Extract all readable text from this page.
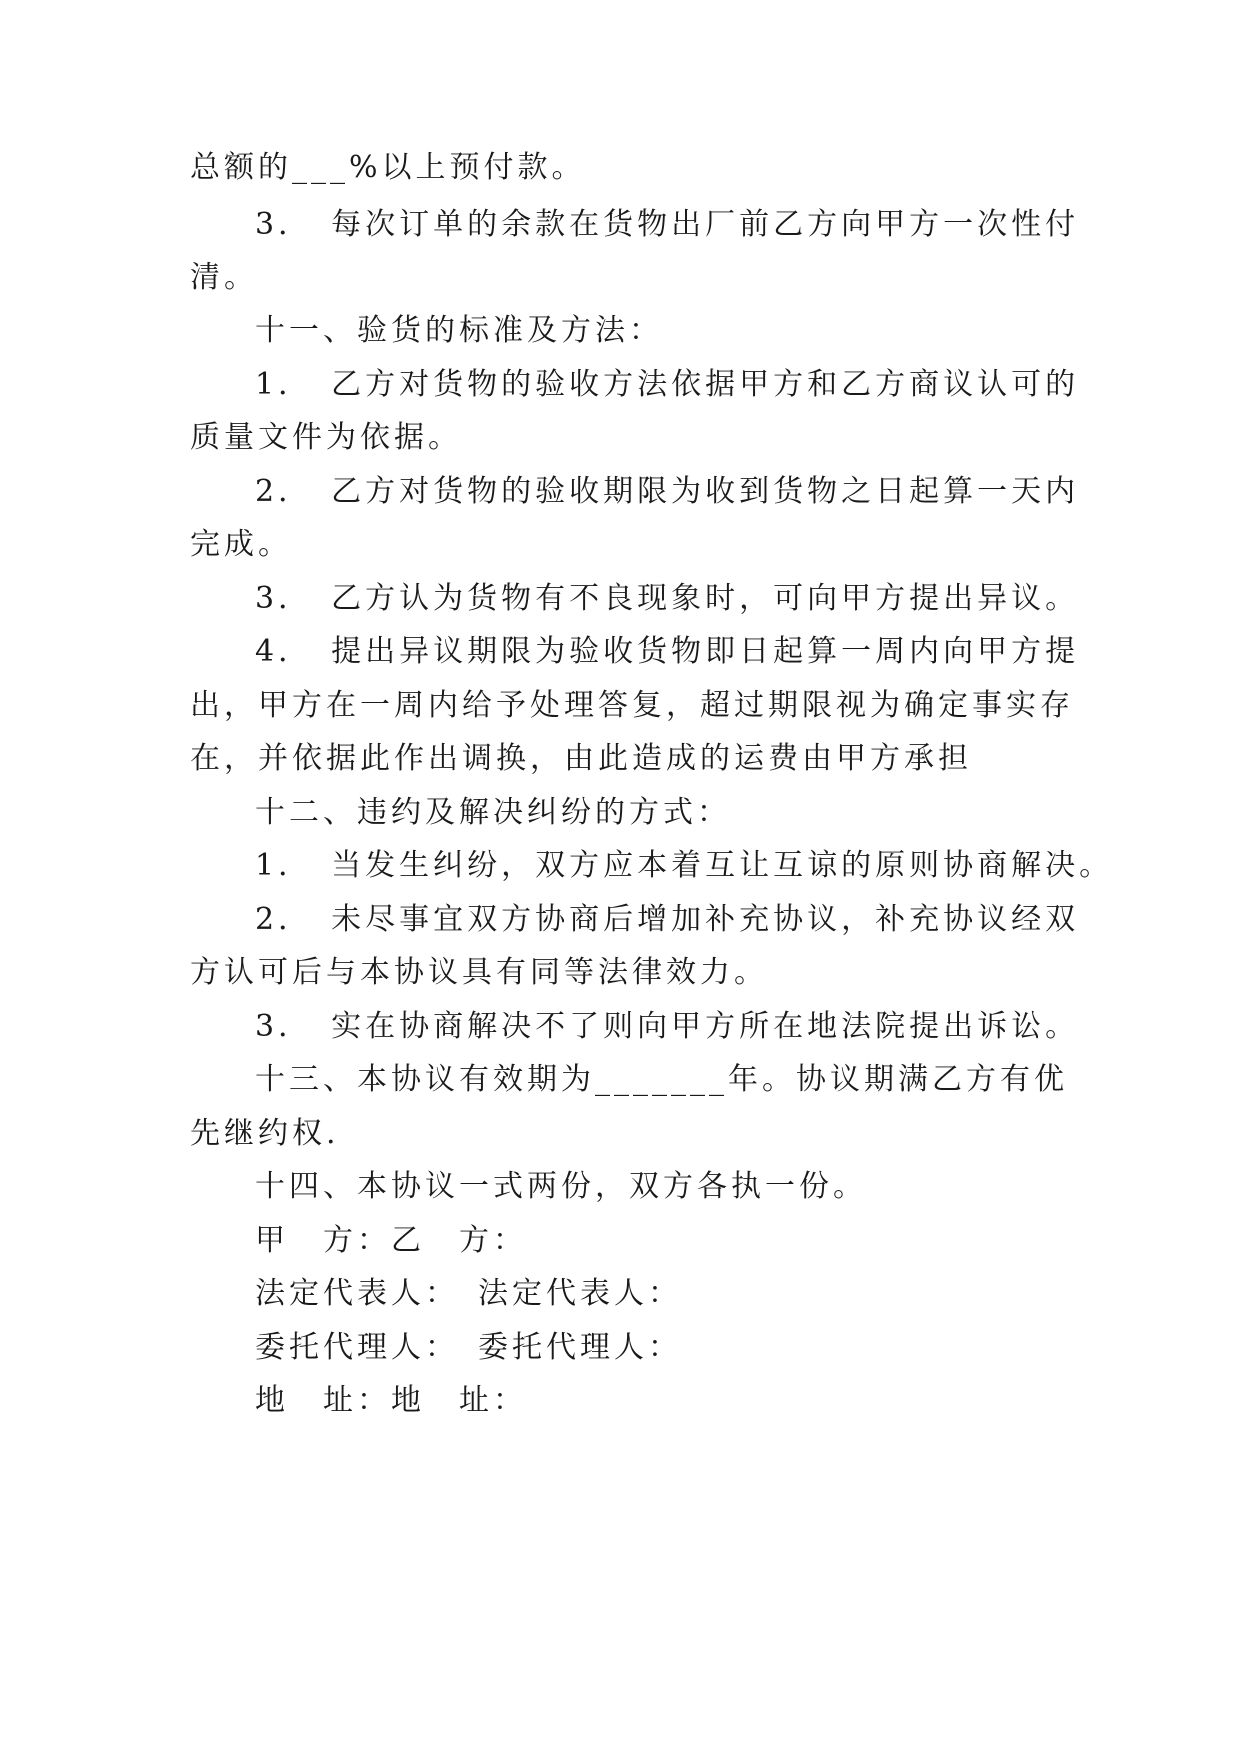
总额的___%以上预付款。
3．　每次订单的余款在货物出厂前乙方向甲方一次性付
清。
十一、验货的标准及方法：
1．　乙方对货物的验收方法依据甲方和乙方商议认可的
质量文件为依据。
2．　乙方对货物的验收期限为收到货物之日起算一天内
完成。
3．　乙方认为货物有不良现象时，可向甲方提出异议。
4．　提出异议期限为验收货物即日起算一周内向甲方提
出，甲方在一周内给予处理答复，超过期限视为确定事实存
在，并依据此作出调换，由此造成的运费由甲方承担
十二、违约及解决纠纷的方式：
1．　当发生纠纷，双方应本着互让互谅的原则协商解决。
2．　未尽事宜双方协商后增加补充协议，补充协议经双
方认可后与本协议具有同等法律效力。
3．　实在协商解决不了则向甲方所在地法院提出诉讼。
十三、本协议有效期为_______年。协议期满乙方有优
先继约权.
十四、本协议一式两份，双方各执一份。
甲　方：乙　方：
法定代表人：　法定代表人：
委托代理人：　委托代理人：
地　址：地　址：
